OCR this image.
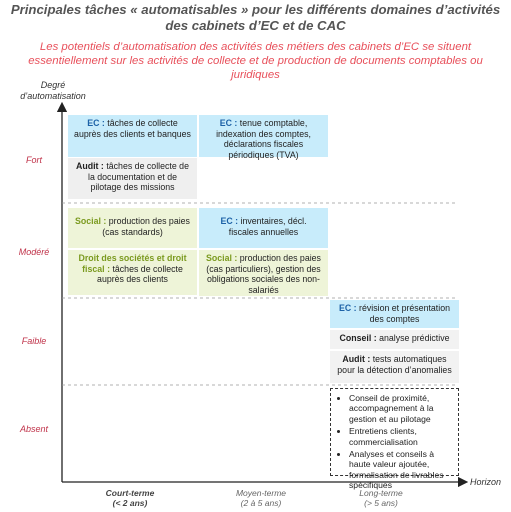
Principales tâches « automatisables » pour les différents domaines d’activités des cabinets d’EC et de CAC
Les potentiels d’automatisation des activités des métiers des cabinets d’EC se situent essentiellement sur les activités de collecte et de production de documents comptables ou juridiques
Degré d’automatisation
Fort
Modéré
Faible
Absent
EC : tâches de collecte auprès des clients et banques
Audit : tâches de collecte de la documentation et de pilotage des missions
EC : tenue comptable, indexation des comptes, déclarations fiscales périodiques (TVA)
Social : production des paies (cas standards)
Droit des sociétés et droit fiscal : tâches de collecte auprès des clients
EC : inventaires, décl. fiscales annuelles
Social : production des paies (cas particuliers), gestion des obligations sociales des non-salariés
EC : révision et présentation des comptes
Conseil : analyse prédictive
Audit : tests automatiques pour la détection d’anomalies
• Conseil de proximité, accompagnement à la gestion et au pilotage
• Entretiens clients, commercialisation
• Analyses et conseils à haute valeur ajoutée, formalisation de livrables spécifiques	Horizon
Court-terme
(< 2 ans)
Moyen-terme
(2 à 5 ans)
Long-terme
(> 5 ans)
